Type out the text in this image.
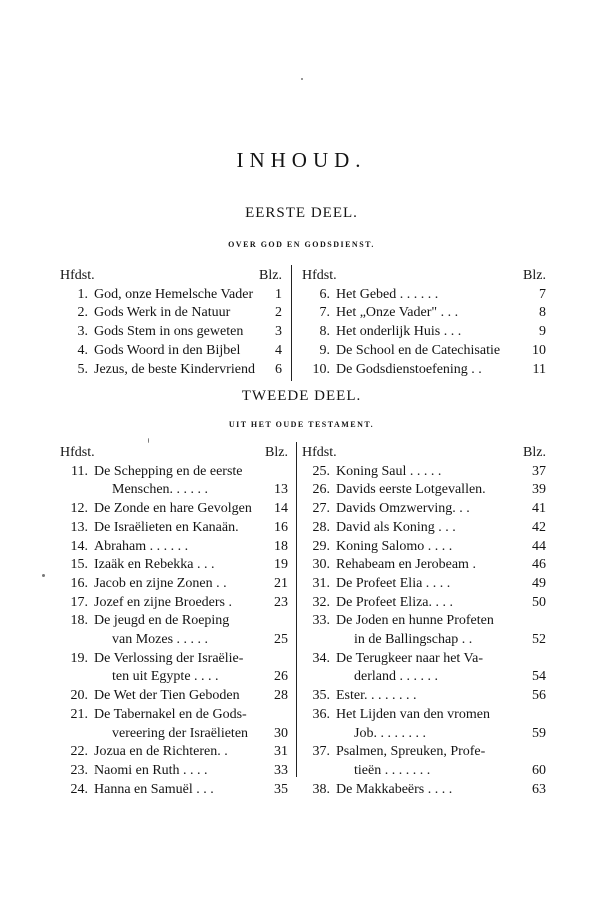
INHOUD.
EERSTE DEEL.
OVER GOD EN GODSDIENST.
Hfdst.	Blz.
1. God, onze Hemelsche Vader	1
2. Gods Werk in de Natuur	2
3. Gods Stem in ons geweten	3
4. Gods Woord in den Bijbel	4
5. Jezus, de beste Kindervriend	6
Hfdst.	Blz.
6. Het Gebed . . . . . .	7
7. Het „Onze Vader" . . .	8
8. Het onderlijk Huis . . .	9
9. De School en de Catechisatie	10
10. De Godsdienstoefening . .	11
TWEEDE DEEL.
UIT HET OUDE TESTAMENT.
Hfdst.	Blz.
11. De Schepping en de eerste
Menschen. . . . . .	13
12. De Zonde en hare Gevolgen	14
13. De Israëlieten en Kanaän.	16
14. Abraham . . . . . .	18
15. Izaäk en Rebekka . . .	19
16. Jacob en zijne Zonen . .	21
17. Jozef en zijne Broeders .	23
18. De jeugd en de Roeping
van Mozes . . . . .	25
19. De Verlossing der Israëlie-
ten uit Egypte . . . .	26
20. De Wet der Tien Geboden	28
21. De Tabernakel en de Gods-
vereering der Israëlieten	30
22. Jozua en de Richteren. .	31
23. Naomi en Ruth . . . .	33
24. Hanna en Samuël . . .	35
Hfdst.	Blz.
25. Koning Saul . . . . .	37
26. Davids eerste Lotgevallen.	39
27. Davids Omzwerving. . .	41
28. David als Koning . . .	42
29. Koning Salomo . . . .	44
30. Rehabeam en Jerobeam .	46
31. De Profeet Elia . . . .	49
32. De Profeet Eliza. . . .	50
33. De Joden en hunne Profeten
in de Ballingschap . .	52
34. De Terugkeer naar het Va-
derland . . . . . .	54
35. Ester. . . . . . . .	56
36. Het Lijden van den vromen
Job. . . . . . . .	59
37. Psalmen, Spreuken, Profe-
tieën . . . . . . .	60
38. De Makkabeërs . . . .	63
